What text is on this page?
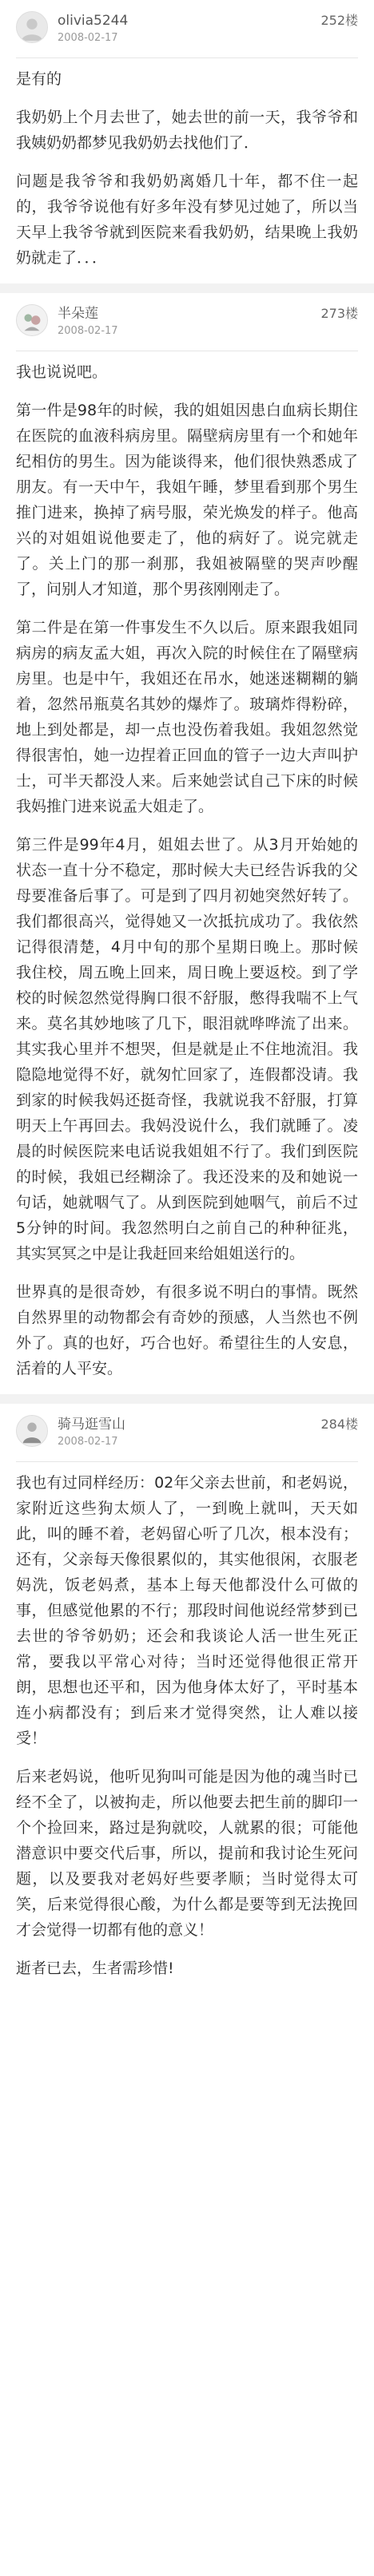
olivia5244
2008-02-17
252楼

是有的

我奶奶上个月去世了，她去世的前一天，我爷爷和我姨奶奶都梦见我奶奶去找他们了．

问题是我爷爷和我奶奶离婚几十年，都不住一起的，我爷爷说他有好多年没有梦见过她了，所以当天早上我爷爷就到医院来看我奶奶，结果晚上我奶奶就走了．．．

半朵莲
2008-02-17
273楼

我也说说吧。

第一件是98年的时候，我的姐姐因患白血病长期住在医院的血液科病房里。隔壁病房里有一个和她年纪相仿的男生。因为能谈得来，他们很快熟悉成了朋友。有一天中午，我姐午睡，梦里看到那个男生推门进来，换掉了病号服，荣光焕发的样子。他高兴的对姐姐说他要走了，他的病好了。说完就走了。关上门的那一刹那，我姐被隔壁的哭声吵醒了，问别人才知道，那个男孩刚刚走了。

第二件是在第一件事发生不久以后。原来跟我姐同病房的病友孟大姐，再次入院的时候住在了隔壁病房里。也是中午，我姐还在吊水，她迷迷糊糊的躺着，忽然吊瓶莫名其妙的爆炸了。玻璃炸得粉碎，地上到处都是，却一点也没伤着我姐。我姐忽然觉得很害怕，她一边捏着正回血的管子一边大声叫护士，可半天都没人来。后来她尝试自己下床的时候我妈推门进来说孟大姐走了。

第三件是99年4月，姐姐去世了。从3月开始她的状态一直十分不稳定，那时候大夫已经告诉我的父母要准备后事了。可是到了四月初她突然好转了。我们都很高兴，觉得她又一次抵抗成功了。我依然记得很清楚，4月中旬的那个星期日晚上。那时候我住校，周五晚上回来，周日晚上要返校。到了学校的时候忽然觉得胸口很不舒服，憋得我喘不上气来。莫名其妙地咳了几下，眼泪就哗哗流了出来。其实我心里并不想哭，但是就是止不住地流泪。我隐隐地觉得不好，就匆忙回家了，连假都没请。我到家的时候我妈还挺奇怪，我就说我不舒服，打算明天上午再回去。我妈没说什么，我们就睡了。凌晨的时候医院来电话说我姐姐不行了。我们到医院的时候，我姐已经糊涂了。我还没来的及和她说一句话，她就咽气了。从到医院到她咽气，前后不过5分钟的时间。我忽然明白之前自己的种种征兆，其实冥冥之中是让我赶回来给姐姐送行的。

世界真的是很奇妙，有很多说不明白的事情。既然自然界里的动物都会有奇妙的预感，人当然也不例外了。真的也好，巧合也好。希望往生的人安息，活着的人平安。

骑马逛雪山
2008-02-17
284楼

我也有过同样经历：02年父亲去世前，和老妈说，家附近这些狗太烦人了，一到晚上就叫，天天如此，叫的睡不着，老妈留心听了几次，根本没有；还有，父亲每天像很累似的，其实他很闲，衣服老妈洗，饭老妈煮，基本上每天他都没什么可做的事，但感觉他累的不行；那段时间他说经常梦到已去世的爷爷奶奶；还会和我谈论人活一世生死正常，要我以平常心对待；当时还觉得他很正常开朗，思想也还平和，因为他身体太好了，平时基本连小病都没有；到后来才觉得突然，让人难以接受！

后来老妈说，他听见狗叫可能是因为他的魂当时已经不全了，以被拘走，所以他要去把生前的脚印一个个捡回来，路过是狗就咬，人就累的很；可能他潜意识中要交代后事，所以，提前和我讨论生死问题，以及要我对老妈好些要孝顺；当时觉得太可笑，后来觉得很心酸，为什么都是要等到无法挽回才会觉得一切都有他的意义！

逝者已去，生者需珍惜!
